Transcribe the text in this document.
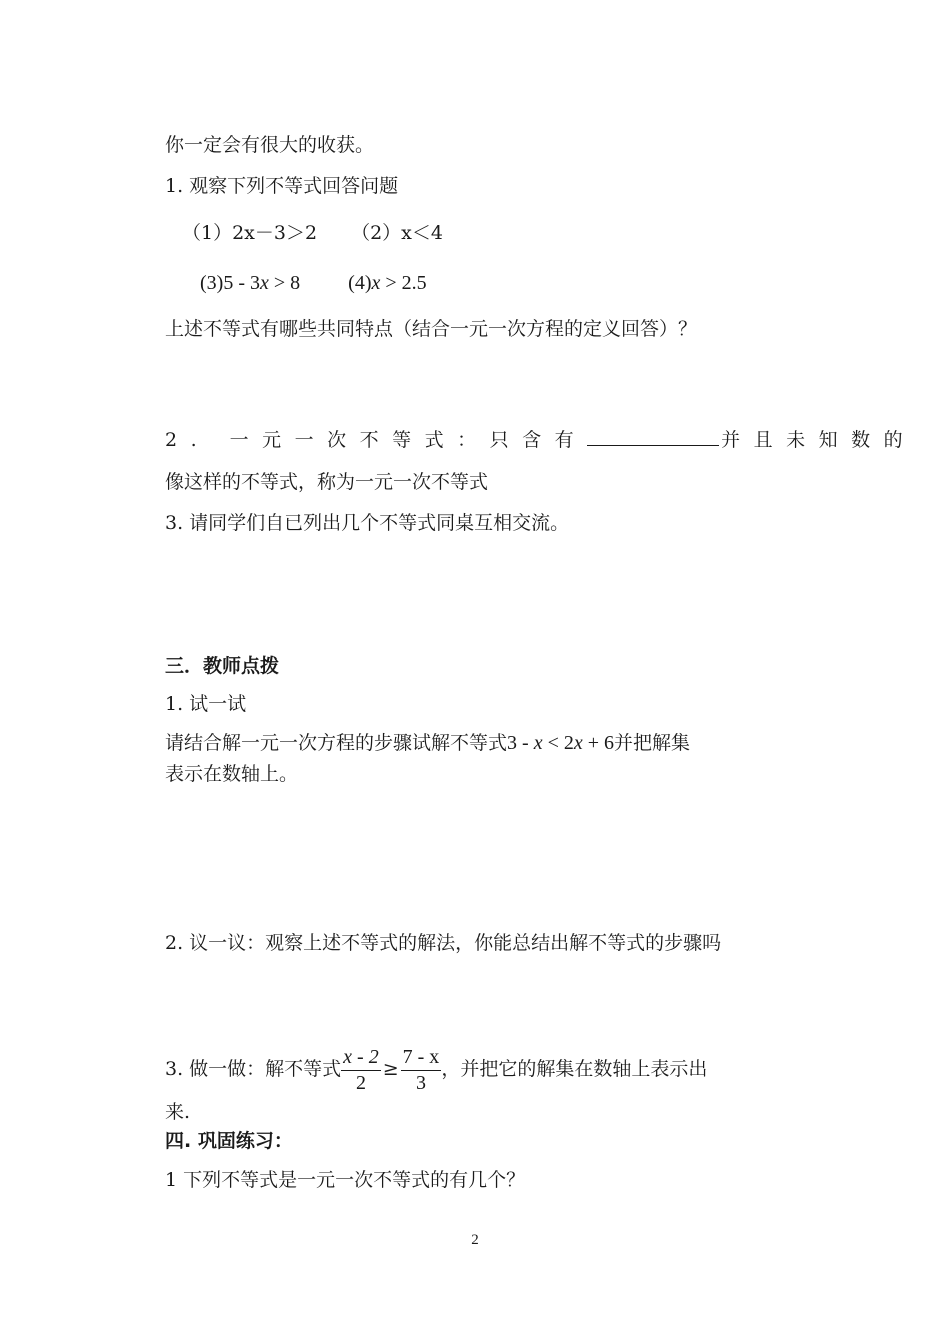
你一定会有很大的收获。
1. 观察下列不等式回答问题
（1）2x－3＞2 （2）x＜4
(3)5 - 3x > 8 (4)x > 2.5
上述不等式有哪些共同特点（结合一元一次方程的定义回答）？
2. 一元一次不等式：只含有	并且未知数的
像这样的不等式，称为一元一次不等式
3. 请同学们自已列出几个不等式同桌互相交流。
三．教师点拨
1. 试一试
请结合解一元一次方程的步骤试解不等式3 - x < 2x + 6并把解集
表示在数轴上。
2. 议一议：观察上述不等式的解法，你能总结出解不等式的步骤吗
3. 做一做：解不等式 $\frac{x - 2}{2} \ge \frac{7 - x}{3}$ ，并把它的解集在数轴上表示出
来.
四. 巩固练习：
1 下列不等式是一元一次不等式的有几个？
2
